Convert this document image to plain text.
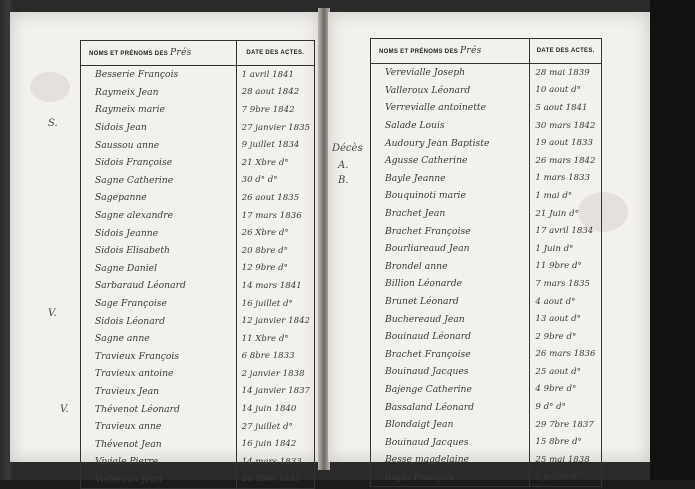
S.
V.
V.
NOMS ET PRÉNOMS DES Prés	DATE DES ACTES.
Besserie François	1 avril 1841
Raymeix Jean	28 aout 1842
Raymeix marie	7 9bre 1842
Sidois Jean	27 janvier 1835
Saussou anne	9 juillet 1834
Sidois Françoise	21 Xbre d°
Sagne Catherine	30 d° d°
Sagepanne	26 aout 1835
Sagne alexandre	17 mars 1836
Sidois Jeanne	26 Xbre d°
Sidois Elisabeth	20 8bre d°
Sagne Daniel	12 9bre d°
Sarbaraud Léonard	14 mars 1841
Sage Françoise	16 juillet d°
Sidois Léonard	12 janvier 1842
Sagne anne	11 Xbre d°
Travieux François	6 8bre 1833
Travieux antoine	2 janvier 1838
Travieux Jean	14 janvier 1837
Thévenot Léonard	14 juin 1840
Travieux anne	27 juillet d°
Thévenot Jean	16 juin 1842
Viviale Pierre	14 mars 1833
Valleroux Jean	26 8bre 1833
Décès
A.
B.
NOMS ET PRÉNOMS DES Prés	DATE DES ACTES.
Verevialle Joseph	28 mai 1839
Valleroux Léonard	10 aout d°
Verrevialle antoinette	5 aout 1841
Salade Louis	30 mars 1842
Audoury Jean Baptiste	19 aout 1833
Agusse Catherine	26 mars 1842
Bayle Jeanne	1 mars 1833
Bouquinoti marie	1 mai d°
Brachet Jean	21 Juin d°
Brachet Françoise	17 avril 1834
Bourliareaud Jean	1 Juin d°
Brondel anne	11 9bre d°
Billion Léonarde	7 mars 1835
Brunet Léonard	4 aout d°
Buchereaud Jean	13 aout d°
Bouinaud Léonard	2 9bre d°
Brachet Françoise	26 mars 1836
Bouinaud Jacques	25 aout d°
Bajenge Catherine	4 9bre d°
Bassaland Léonard	9 d° d°
Blondaigt Jean	29 7bre 1837
Bouinaud Jacques	15 8bre d°
Besse magdelaine	25 mai 1838
Bayle François	5 juillet d°
